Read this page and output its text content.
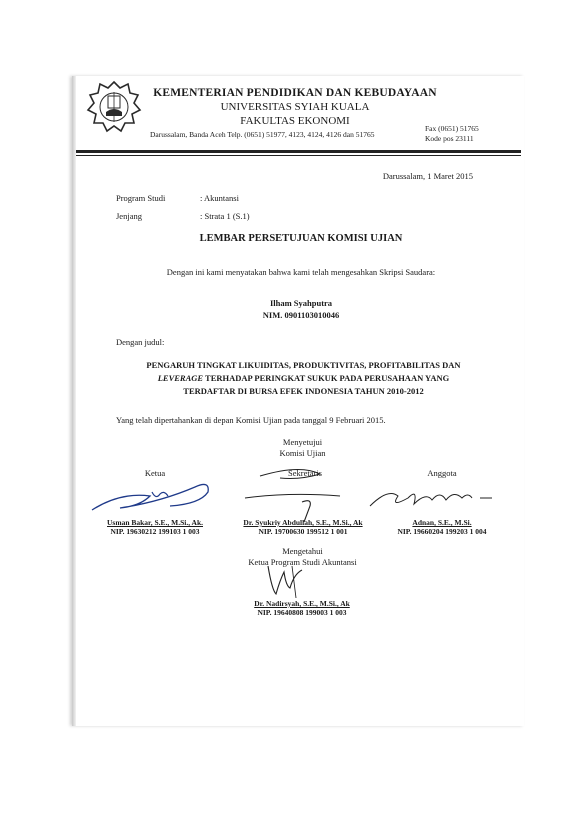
KEMENTERIAN PENDIDIKAN DAN KEBUDAYAAN
UNIVERSITAS SYIAH KUALA
FAKULTAS EKONOMI
Darussalam, Banda Aceh Telp. (0651) 51977, 4123, 4124, 4126 dan 51765
Fax (0651) 51765
Kode pos 23111
Darussalam, 1 Maret 2015
Program Studi	: Akuntansi
Jenjang	: Strata 1 (S.1)
LEMBAR PERSETUJUAN KOMISI UJIAN
Dengan ini kami menyatakan bahwa kami telah mengesahkan Skripsi Saudara:
Ilham Syahputra
NIM. 0901103010046
Dengan judul:
PENGARUH TINGKAT LIKUIDITAS, PRODUKTIVITAS, PROFITABILITAS DAN
LEVERAGE TERHADAP PERINGKAT SUKUK PADA PERUSAHAAN YANG
TERDAFTAR DI BURSA EFEK INDONESIA TAHUN 2010-2012
Yang telah dipertahankan di depan Komisi Ujian pada tanggal 9 Februari 2015.
Menyetujui
Komisi Ujian
Ketua
Usman Bakar, S.E., M.Si., Ak.
NIP. 19630212 199103 1 003
Sekretaris
Dr. Syukriy Abdullah, S.E., M.Si., Ak
NIP. 19700630 199512 1 001
Anggota
Adnan, S.E., M.Si.
NIP. 19660204 199203 1 004
Mengetahui
Ketua Program Studi Akuntansi
Dr. Nadirsyah, S.E., M.Si., Ak
NIP. 19640808 199003 1 003
